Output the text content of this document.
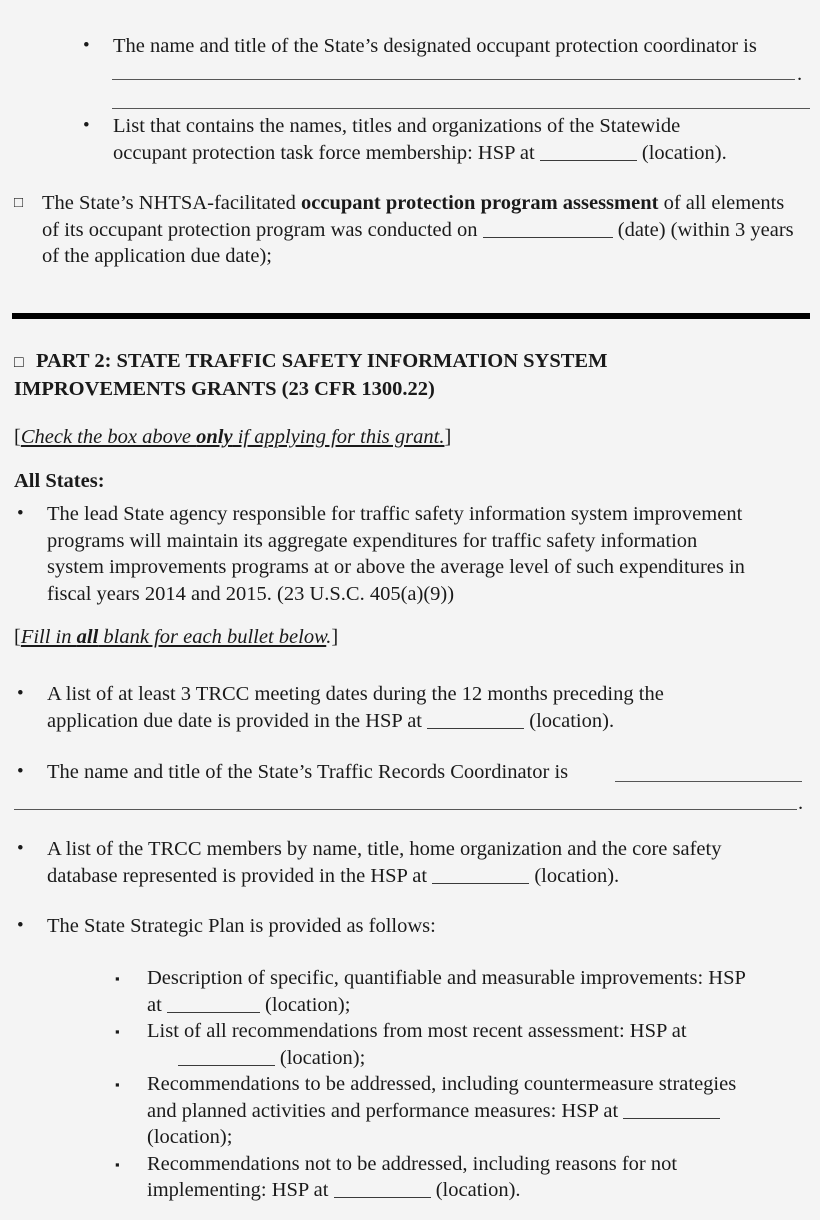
•	The name and title of the State’s designated occupant protection coordinator is
.
•	List that contains the names, titles and organizations of the Statewide
occupant protection task force membership: HSP at	(location).
□ The State’s NHTSA-facilitated occupant protection program assessment of all elements of its occupant protection program was conducted on	(date) (within 3 years of the application due date);
□ PART 2: STATE TRAFFIC SAFETY INFORMATION SYSTEM
IMPROVEMENTS GRANTS (23 CFR 1300.22)
[Check the box above only if applying for this grant.]
All States:
•	The lead State agency responsible for traffic safety information system improvement
programs will maintain its aggregate expenditures for traffic safety information
system improvements programs at or above the average level of such expenditures in
fiscal years 2014 and 2015. (23 U.S.C. 405(a)(9))
[Fill in all blank for each bullet below.]
•	A list of at least 3 TRCC meeting dates during the 12 months preceding the
application due date is provided in the HSP at	(location).
•	The name and title of the State’s Traffic Records Coordinator is
.
•	A list of the TRCC members by name, title, home organization and the core safety
database represented is provided in the HSP at	(location).
•	The State Strategic Plan is provided as follows:
▪	Description of specific, quantifiable and measurable improvements: HSP
at	(location);
▪	List of all recommendations from most recent assessment: HSP at
(location);
▪	Recommendations to be addressed, including countermeasure strategies
and planned activities and performance measures: HSP at
(location);
▪	Recommendations not to be addressed, including reasons for not
implementing: HSP at	(location).
